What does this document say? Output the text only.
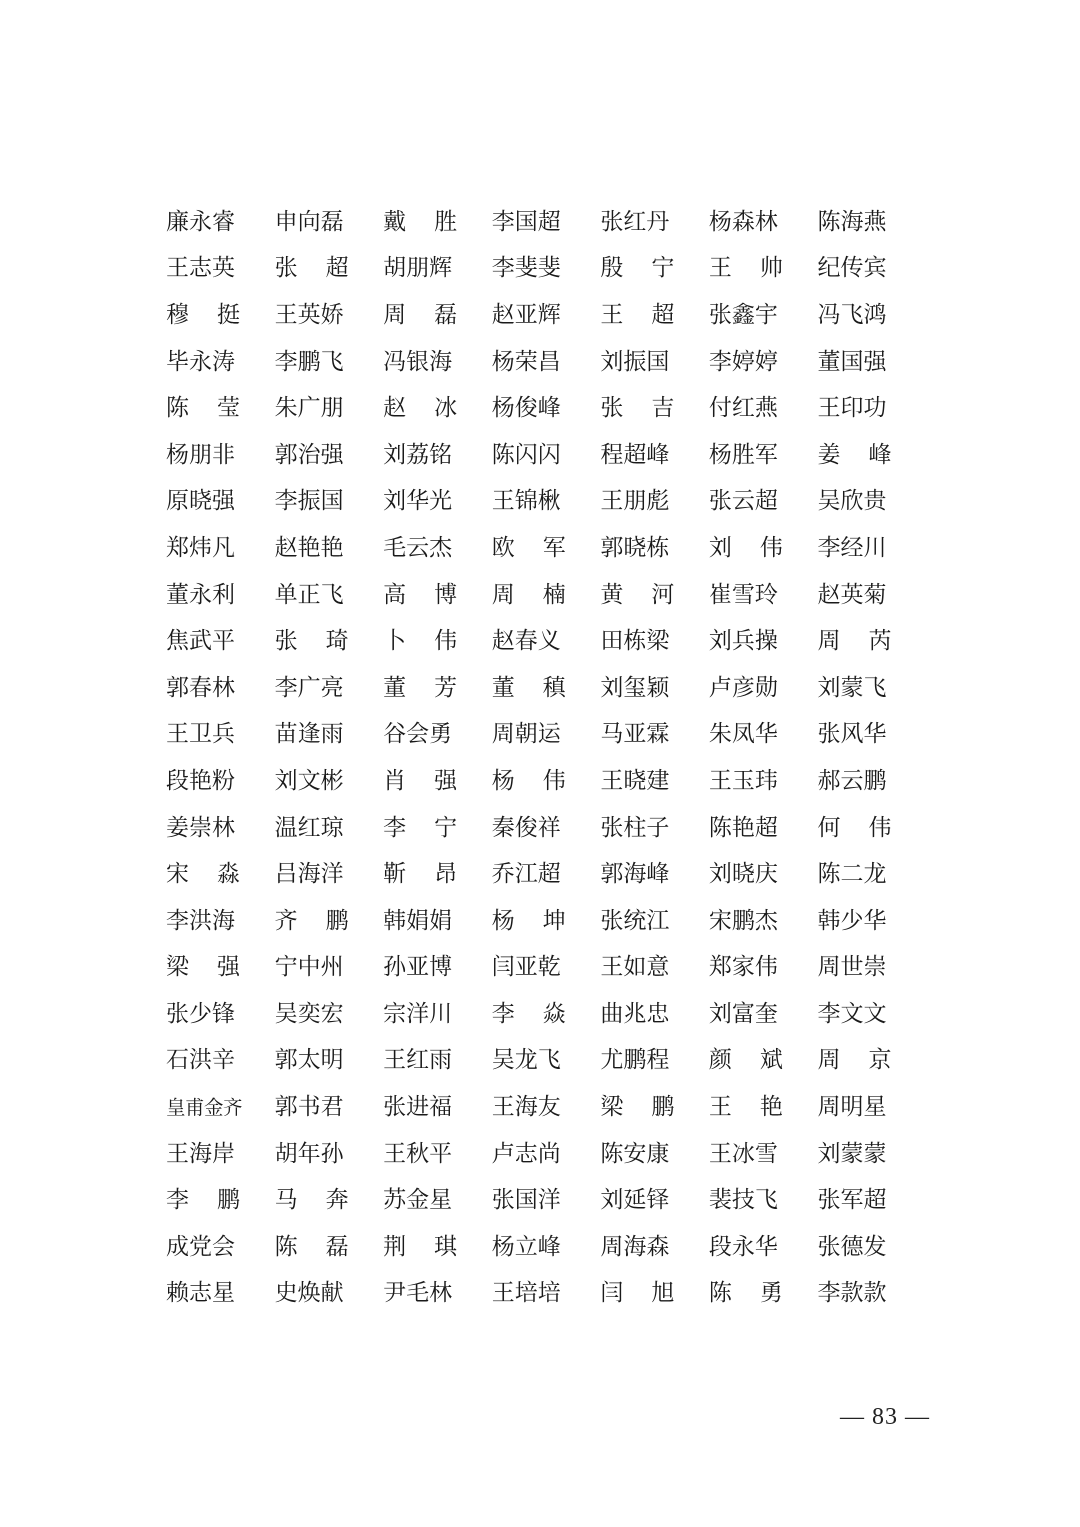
廉永睿 申向磊 戴 胜 李国超 张红丹 杨森林 陈海燕
王志英 张 超 胡朋辉 李斐斐 殷 宁 王 帅 纪传宾
穆 挺 王英娇 周 磊 赵亚辉 王 超 张鑫宇 冯飞鸿
毕永涛 李鹏飞 冯银海 杨荣昌 刘振国 李婷婷 董国强
陈 莹 朱广朋 赵 冰 杨俊峰 张 吉 付红燕 王印功
杨朋非 郭治强 刘荔铭 陈闪闪 程超峰 杨胜军 姜 峰
原晓强 李振国 刘华光 王锦楸 王朋彪 张云超 吴欣贵
郑炜凡 赵艳艳 毛云杰 欧 军 郭晓栋 刘 伟 李经川
董永利 单正飞 高 博 周 楠 黄 河 崔雪玲 赵英菊
焦武平 张 琦 卜 伟 赵春义 田栋梁 刘兵操 周 芮
郭春林 李广亮 董 芳 董 稹 刘玺颖 卢彦勋 刘蒙飞
王卫兵 苗逢雨 谷会勇 周朝运 马亚霖 朱凤华 张风华
段艳粉 刘文彬 肖 强 杨 伟 王晓建 王玉玮 郝云鹏
姜崇林 温红琼 李 宁 秦俊祥 张柱子 陈艳超 何 伟
宋 淼 吕海洋 靳 昂 乔江超 郭海峰 刘晓庆 陈二龙
李洪海 齐 鹏 韩娟娟 杨 坤 张统江 宋鹏杰 韩少华
梁 强 宁中州 孙亚博 闫亚乾 王如意 郑家伟 周世崇
张少锋 吴奕宏 宗洋川 李 焱 曲兆忠 刘富奎 李文文
石洪辛 郭太明 王红雨 吴龙飞 尤鹏程 颜 斌 周 京
皇甫金齐	郭书君 张进福 王海友 梁 鹏 王 艳 周明星
王海岸 胡年孙 王秋平 卢志尚 陈安康 王冰雪 刘蒙蒙
李 鹏 马 奔 苏金星 张国洋 刘延铎 裴技飞 张军超
成党会 陈 磊 荆 琪 杨立峰 周海森 段永华 张德发
赖志星 史焕献 尹毛林 王培培 闫 旭 陈 勇 李款款
— 83 —
